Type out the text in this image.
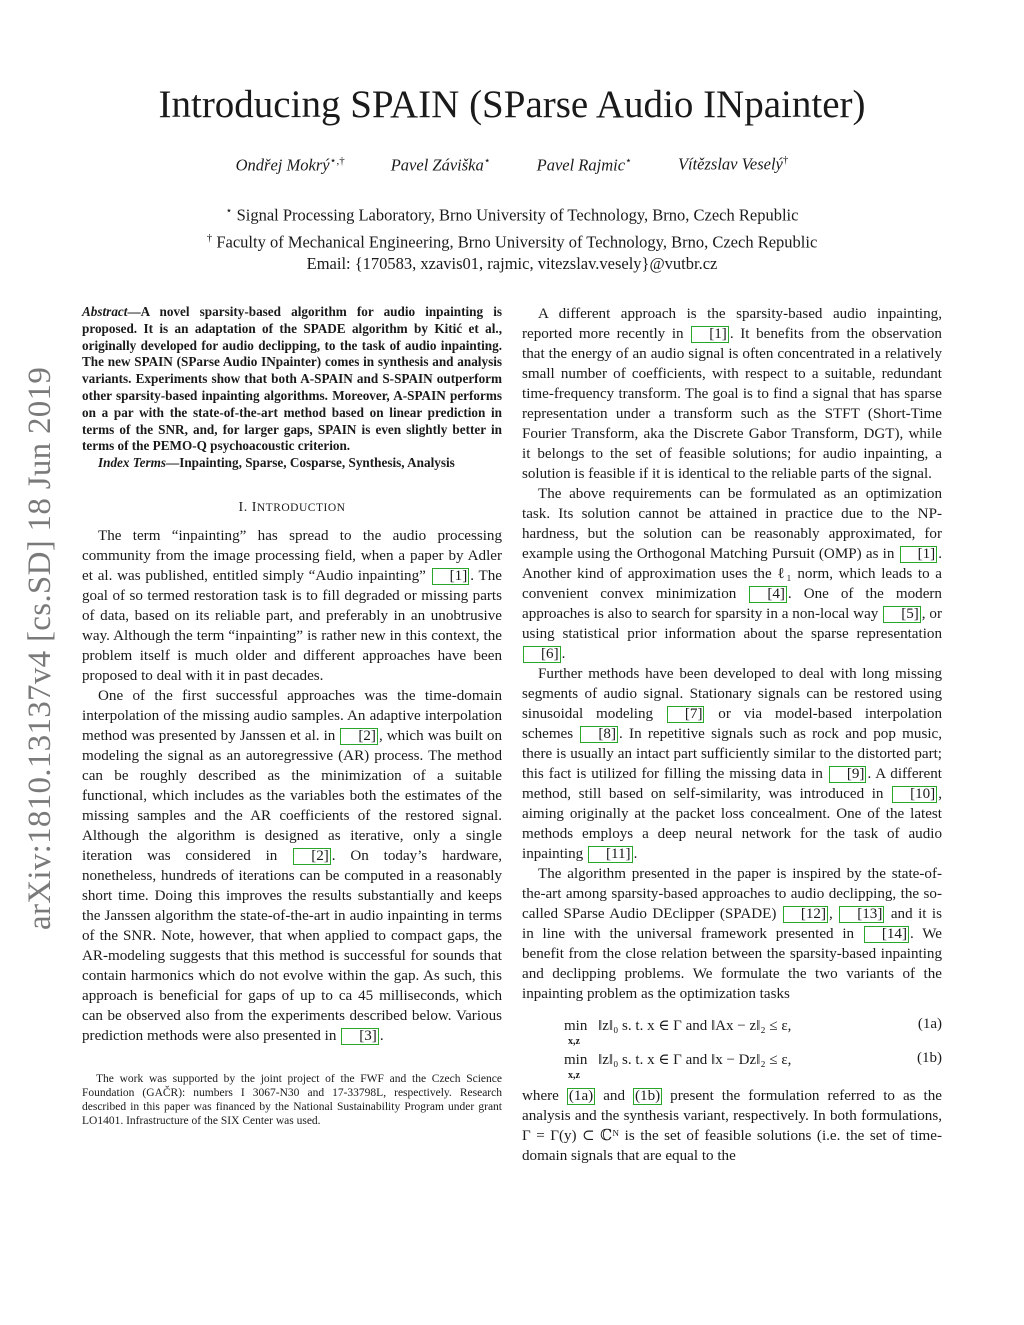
arXiv:1810.13137v4 [cs.SD] 18 Jun 2019
Introducing SPAIN (SParse Audio INpainter)
Ondřej Mokrý⋆,†	Pavel Záviška⋆	Pavel Rajmic⋆	Vítězslav Veselý†
⋆ Signal Processing Laboratory, Brno University of Technology, Brno, Czech Republic
† Faculty of Mechanical Engineering, Brno University of Technology, Brno, Czech Republic
Email: {170583, xzavis01, rajmic, vitezslav.vesely}@vutbr.cz

Abstract—A novel sparsity-based algorithm for audio inpainting is proposed. It is an adaptation of the SPADE algorithm by Kitić et al., originally developed for audio declipping, to the task of audio inpainting. The new SPAIN (SParse Audio INpainter) comes in synthesis and analysis variants. Experiments show that both A-SPAIN and S-SPAIN outperform other sparsity-based inpainting algorithms. Moreover, A-SPAIN performs on a par with the state-of-the-art method based on linear prediction in terms of the SNR, and, for larger gaps, SPAIN is even slightly better in terms of the PEMO-Q psychoacoustic criterion.

Index Terms—Inpainting, Sparse, Cosparse, Synthesis, Analysis

I. INTRODUCTION

The term “inpainting” has spread to the audio processing community from the image processing field, when a paper by Adler et al. was published, entitled simply “Audio inpainting” [1] . The goal of so termed restoration task is to fill degraded or missing parts of data, based on its reliable part, and preferably in an unobtrusive way. Although the term “inpainting” is rather new in this context, the problem itself is much older and different approaches have been proposed to deal with it in past decades.

One of the first successful approaches was the time-domain interpolation of the missing audio samples. An adaptive interpolation method was presented by Janssen et al. in [2] , which was built on modeling the signal as an autoregressive (AR) process. The method can be roughly described as the minimization of a suitable functional, which includes as the variables both the estimates of the missing samples and the AR coefficients of the restored signal. Although the algorithm is designed as iterative, only a single iteration was considered in [2] . On today’s hardware, nonetheless, hundreds of iterations can be computed in a reasonably short time. Doing this improves the results substantially and keeps the Janssen algorithm the state-of-the-art in audio inpainting in terms of the SNR. Note, however, that when applied to compact gaps, the AR-modeling suggests that this method is successful for sounds that contain harmonics which do not evolve within the gap. As such, this approach is beneficial for gaps of up to ca 45 milliseconds, which can be observed also from the experiments described below. Various prediction methods were also presented in [3] .

The work was supported by the joint project of the FWF and the Czech Science Foundation (GAČR): numbers I 3067-N30 and 17-33798L, respectively. Research described in this paper was financed by the National Sustainability Program under grant LO1401. Infrastructure of the SIX Center was used.

A different approach is the sparsity-based audio inpainting, reported more recently in [1] . It benefits from the observation that the energy of an audio signal is often concentrated in a relatively small number of coefficients, with respect to a suitable, redundant time-frequency transform. The goal is to find a signal that has sparse representation under a transform such as the STFT (Short-Time Fourier Transform, aka the Discrete Gabor Transform, DGT), while it belongs to the set of feasible solutions; for audio inpainting, a solution is feasible if it is identical to the reliable parts of the signal.

The above requirements can be formulated as an optimization task. Its solution cannot be attained in practice due to the NP-hardness, but the solution can be reasonably approximated, for example using the Orthogonal Matching Pursuit (OMP) as in [1] . Another kind of approximation uses the ℓ₁ norm, which leads to a convenient convex minimization [4] . One of the modern approaches is also to search for sparsity in a non-local way [5] , or using statistical prior information about the sparse representation [6] .

Further methods have been developed to deal with long missing segments of audio signal. Stationary signals can be restored using sinusoidal modeling [7] or via model-based interpolation schemes [8] . In repetitive signals such as rock and pop music, there is usually an intact part sufficiently similar to the distorted part; this fact is utilized for filling the missing data in [9] . A different method, still based on self-similarity, was introduced in [10] , aiming originally at the packet loss concealment. One of the latest methods employs a deep neural network for the task of audio inpainting [11] .

The algorithm presented in the paper is inspired by the state-of-the-art among sparsity-based approaches to audio declipping, the so-called SParse Audio DEclipper (SPADE) [12] , [13] and it is in line with the universal framework presented in [14] . We benefit from the close relation between the sparsity-based inpainting and declipping problems. We formulate the two variants of the inpainting problem as the optimization tasks

min
x,z
‖z‖₀ s. t. x ∈ Γ and ‖Ax − z‖₂ ≤ ε,	(1a)
min
x,z
‖z‖₀ s. t. x ∈ Γ and ‖x − Dz‖₂ ≤ ε,	(1b)

where (1a) and (1b) present the formulation referred to as the analysis and the synthesis variant, respectively. In both formulations, Γ = Γ(y) ⊂ ℂᴺ is the set of feasible solutions (i.e. the set of time-domain signals that are equal to the
